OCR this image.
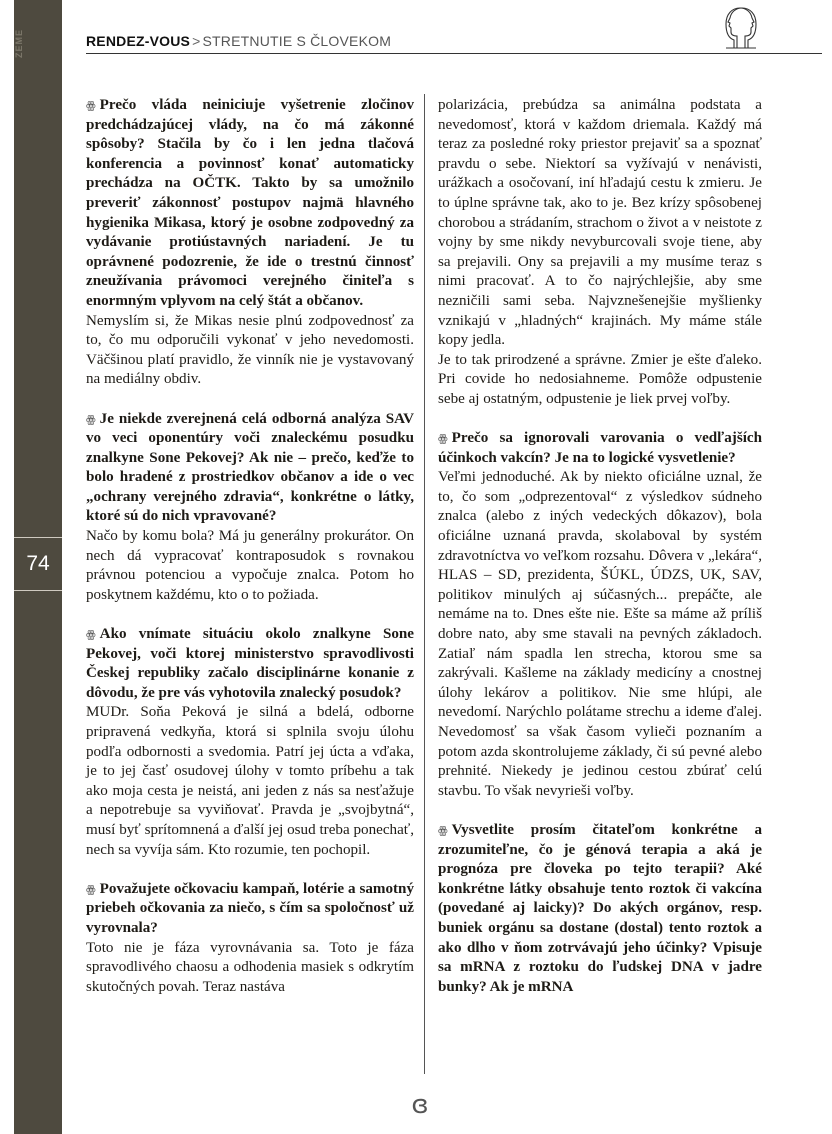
ZEME
74
RENDEZ-VOUS > STRETNUTIE S ČLOVEKOM

ꙮ Prečo vláda neiniciuje vyšetrenie zločinov predchádzajúcej vlády, na čo má zákonné spôsoby? Stačila by čo i len jedna tlačová konferencia a povinnosť konať automaticky prechádza na OČTK. Takto by sa umožnilo preveriť zákonnosť postupov najmä hlavného hygienika Mikasa, ktorý je osobne zodpovedný za vydávanie protiústavných nariadení. Je tu oprávnené podozrenie, že ide o trestnú činnosť zneužívania právomoci verejného činiteľa s enormným vplyvom na celý štát a občanov.

Nemyslím si, že Mikas nesie plnú zodpovednosť za to, čo mu odporučili vykonať v jeho nevedomosti. Väčšinou platí pravidlo, že vinník nie je vystavovaný na mediálny obdiv.

ꙮ Je niekde zverejnená celá odborná analýza SAV vo veci oponentúry voči znaleckému posudku znalkyne Sone Pekovej? Ak nie – prečo, keďže to bolo hradené z prostriedkov občanov a ide o vec „ochrany verejného zdravia“, konkrétne o látky, ktoré sú do nich vpravované?

Načo by komu bola? Má ju generálny prokurátor. On nech dá vypracovať kontraposudok s rovnakou právnou potenciou a vypočuje znalca. Potom ho poskytnem každému, kto o to požiada.

ꙮ Ako vnímate situáciu okolo znalkyne Sone Pekovej, voči ktorej ministerstvo spravodlivosti Českej republiky začalo disciplinárne konanie z dôvodu, že pre vás vyhotovila znalecký posudok?

MUDr. Soňa Peková je silná a bdelá, odborne pripravená vedkyňa, ktorá si splnila svoju úlohu podľa odbornosti a svedomia. Patrí jej úcta a vďaka, je to jej časť osudovej úlohy v tomto príbehu a tak ako moja cesta je neistá, ani jeden z nás sa nesťažuje a nepotrebuje sa vyviňovať. Pravda je „svojbytná“, musí byť sprítomnená a ďalší jej osud treba ponechať, nech sa vyvíja sám. Kto rozumie, ten pochopil.

ꙮ Považujete očkovaciu kampaň, lotérie a samotný priebeh očkovania za niečo, s čím sa spoločnosť už vyrovnala?

Toto nie je fáza vyrovnávania sa. Toto je fáza spravodlivého chaosu a odhodenia masiek s odkrytím skutočných povah. Teraz nastáva

polarizácia, prebúdza sa animálna podstata a nevedomosť, ktorá v každom driemala. Každý má teraz za posledné roky priestor prejaviť sa a spoznať pravdu o sebe. Niektorí sa vyžívajú v nenávisti, urážkach a osočovaní, iní hľadajú cestu k zmieru. Je to úplne správne tak, ako to je. Bez krízy spôsobenej chorobou a strádaním, strachom o život a v neistote z vojny by sme nikdy nevyburcovali svoje tiene, aby sa prejavili. Ony sa prejavili a my musíme teraz s nimi pracovať. A to čo najrýchlejšie, aby sme nezničili sami seba. Najvznešenejšie myšlienky vznikajú v „hladných“ krajinách. My máme stále kopy jedla.

Je to tak prirodzené a správne. Zmier je ešte ďaleko. Pri covide ho nedosiahneme. Pomôže odpustenie sebe aj ostatným, odpustenie je liek prvej voľby.

ꙮ Prečo sa ignorovali varovania o vedľajších účinkoch vakcín? Je na to logické vysvetlenie?

Veľmi jednoduché. Ak by niekto oficiálne uznal, že to, čo som „odprezentoval“ z výsledkov súdneho znalca (alebo z iných vedeckých dôkazov), bola oficiálne uznaná pravda, skolaboval by systém zdravotníctva vo veľkom rozsahu. Dôvera v „lekára“, HLAS – SD, prezidenta, ŠÚKL, ÚDZS, UK, SAV, politikov minulých aj súčasných... prepáčte, ale nemáme na to. Dnes ešte nie. Ešte sa máme až príliš dobre nato, aby sme stavali na pevných základoch. Zatiaľ nám spadla len strecha, ktorou sme sa zakrývali. Kašleme na základy medicíny a cnostnej úlohy lekárov a politikov. Nie sme hlúpi, ale nevedomí. Narýchlo polátame strechu a ideme ďalej. Nevedomosť sa však časom vylieči poznaním a potom azda skontrolujeme základy, či sú pevné alebo prehnité. Niekedy je jedinou cestou zbúrať celú stavbu. To však nevyrieši voľby.

ꙮ Vysvetlite prosím čitateľom konkrétne a zrozumiteľne, čo je génová terapia a aká je prognóza pre človeka po tejto terapii? Aké konkrétne látky obsahuje tento roztok či vakcína (povedané aj laicky)? Do akých orgánov, resp. buniek orgánu sa dostane (dostal) tento roztok a ako dlho v ňom zotrvávajú jeho účinky? Vpisuje sa mRNA z roztoku do ľudskej DNA v jadre bunky? Ak je mRNA

ɞ
